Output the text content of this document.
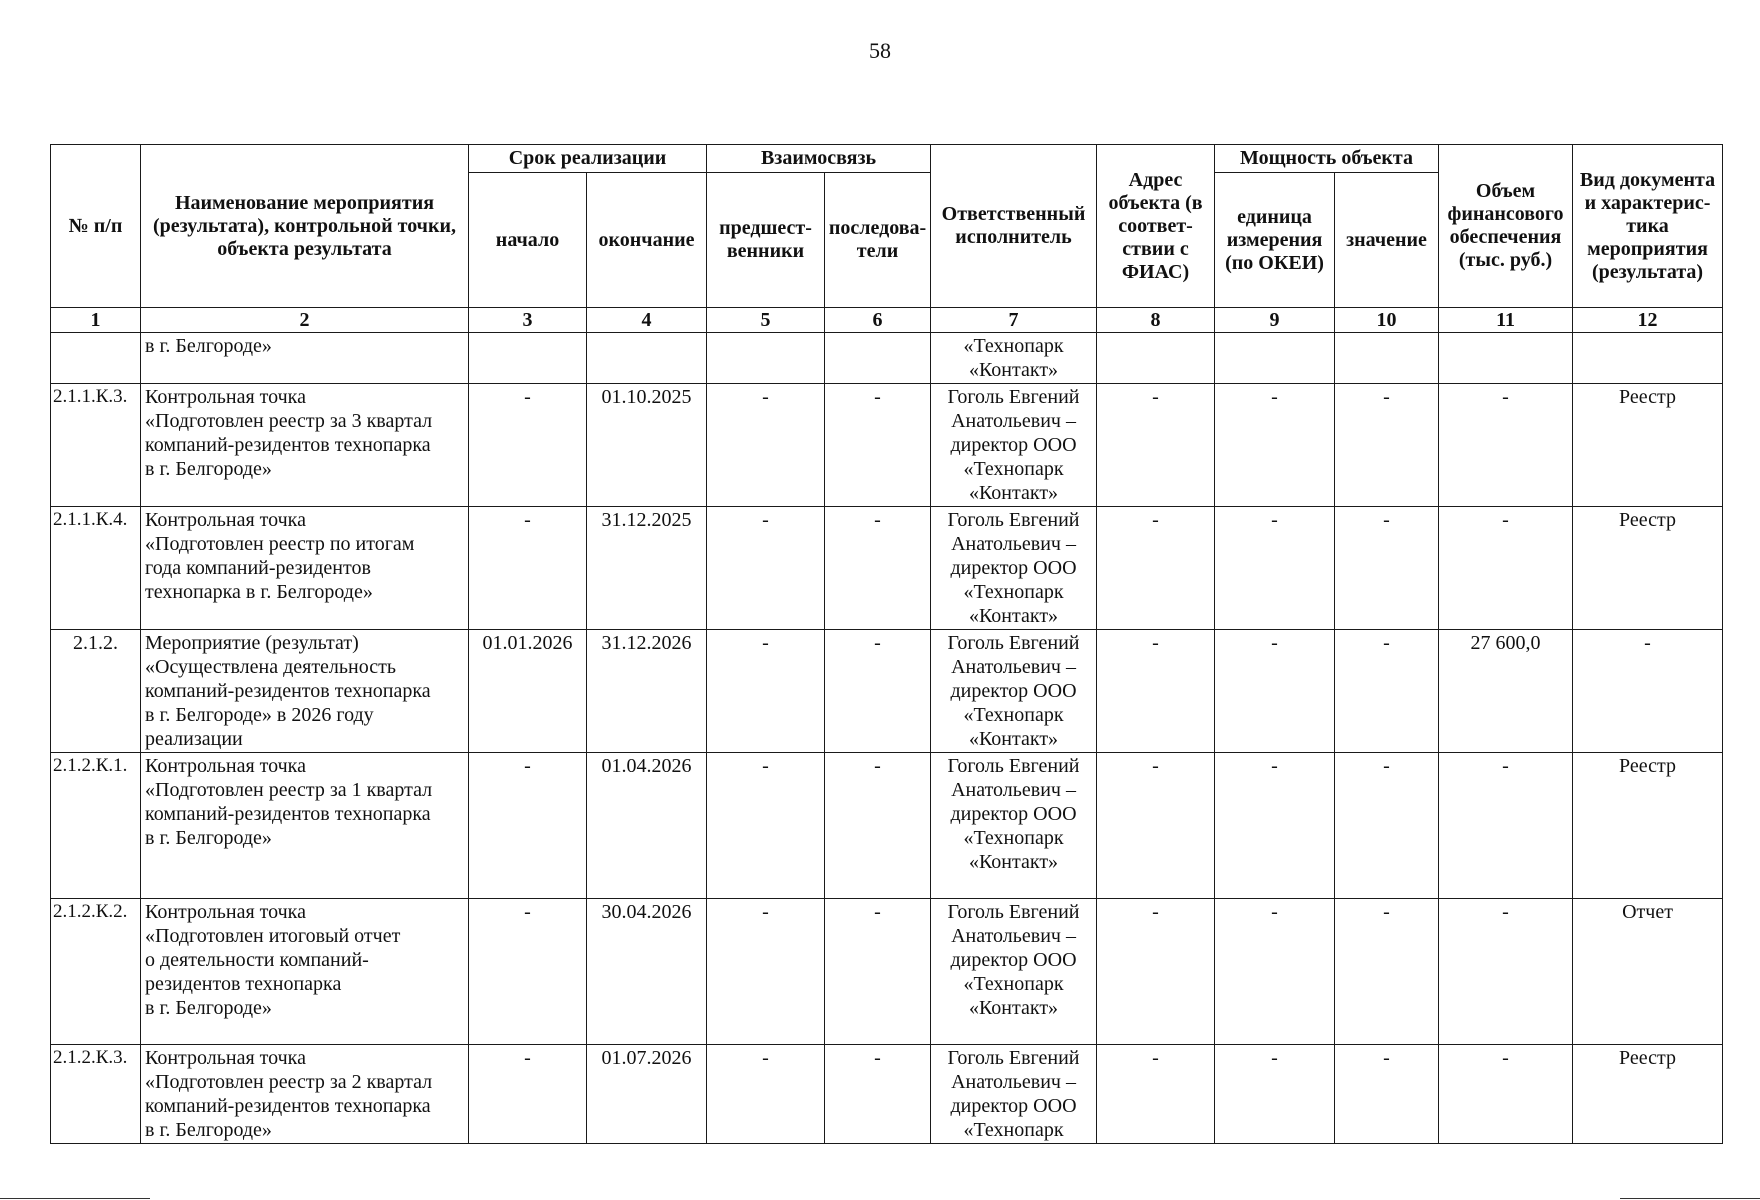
58
№ п/п	Наименование мероприятия (результата), контрольной точки, объекта результата	Срок реализации		Взаимосвязь		Ответственный исполнитель	Адрес объекта (в соответ-ствии с ФИАС)	Мощность объекта		Объем финансового обеспечения (тыс. руб.)	Вид документа и характерис-тика мероприятия (результата)
		начало	окончание	предшест-венники	последова-тели			единица измерения (по ОКЕИ)	значение		
1	2	3	4	5	6	7	8	9	10	11	12
	в г. Белгороде»					«Технопарк
«Контакт»					
2.1.1.К.3.	Контрольная точка
«Подготовлен реестр за 3 квартал
компаний-резидентов технопарка
в г. Белгороде»	-	01.10.2025	-	-	Гоголь Евгений
Анатольевич –
директор ООО
«Технопарк
«Контакт»	-	-	-	-	Реестр
2.1.1.К.4.	Контрольная точка
«Подготовлен реестр по итогам
года компаний-резидентов
технопарка в г. Белгороде»	-	31.12.2025	-	-	Гоголь Евгений
Анатольевич –
директор ООО
«Технопарк
«Контакт»	-	-	-	-	Реестр
2.1.2.	Мероприятие (результат)
«Осуществлена деятельность
компаний-резидентов технопарка
в г. Белгороде» в 2026 году
реализации	01.01.2026	31.12.2026	-	-	Гоголь Евгений
Анатольевич –
директор ООО
«Технопарк
«Контакт»	-	-	-	27 600,0	-
2.1.2.К.1.	Контрольная точка
«Подготовлен реестр за 1 квартал
компаний-резидентов технопарка
в г. Белгороде»	-	01.04.2026	-	-	Гоголь Евгений
Анатольевич –
директор ООО
«Технопарк
«Контакт»	-	-	-	-	Реестр
2.1.2.К.2.	Контрольная точка
«Подготовлен итоговый отчет
о деятельности компаний-
резидентов технопарка
в г. Белгороде»	-	30.04.2026	-	-	Гоголь Евгений
Анатольевич –
директор ООО
«Технопарк
«Контакт»	-	-	-	-	Отчет
2.1.2.К.3.	Контрольная точка
«Подготовлен реестр за 2 квартал
компаний-резидентов технопарка
в г. Белгороде»	-	01.07.2026	-	-	Гоголь Евгений
Анатольевич –
директор ООО
«Технопарк	-	-	-	-	Реестр
